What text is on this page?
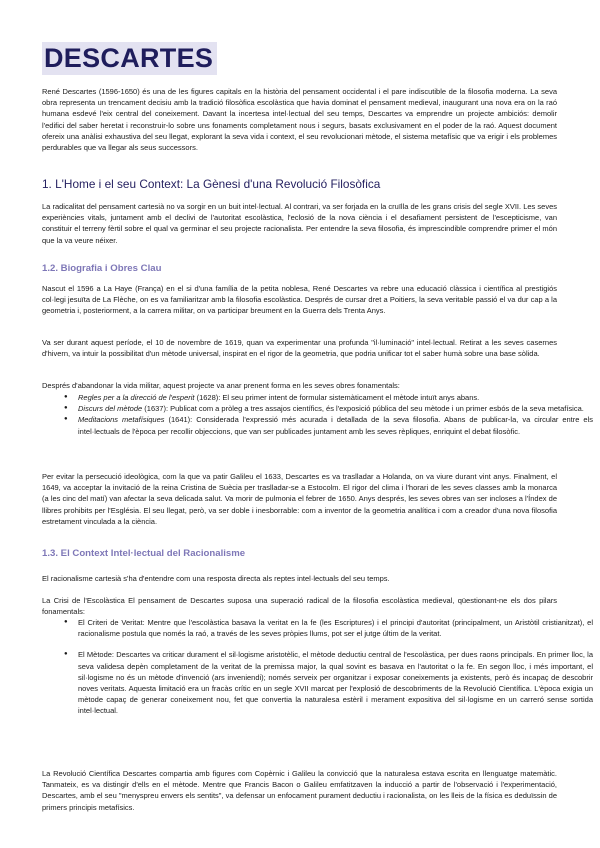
DESCARTES

René Descartes (1596-1650) és una de les figures capitals en la història del pensament occidental i el pare indiscutible de la filosofia moderna. La seva obra representa un trencament decisiu amb la tradició filosòfica escolàstica que havia dominat el pensament medieval, inaugurant una nova era on la raó humana esdevé l'eix central del coneixement. Davant la incertesa intel·lectual del seu temps, Descartes va emprendre un projecte ambiciós: demolir l'edifici del saber heretat i reconstruir-lo sobre uns fonaments completament nous i segurs, basats exclusivament en el poder de la raó. Aquest document ofereix una anàlisi exhaustiva del seu llegat, explorant la seva vida i context, el seu revolucionari mètode, el sistema metafísic que va erigir i els problemes perdurables que va llegar als seus successors.

1. L'Home i el seu Context: La Gènesi d'una Revolució Filosòfica

La radicalitat del pensament cartesià no va sorgir en un buit intel·lectual. Al contrari, va ser forjada en la cruïlla de les grans crisis del segle XVII. Les seves experiències vitals, juntament amb el declivi de l'autoritat escolàstica, l'eclosió de la nova ciència i el desafiament persistent de l'escepticisme, van constituir el terreny fèrtil sobre el qual va germinar el seu projecte racionalista. Per entendre la seva filosofia, és imprescindible comprendre primer el món que la va veure néixer.

1.2. Biografia i Obres Clau

Nascut el 1596 a La Haye (França) en el si d'una família de la petita noblesa, René Descartes va rebre una educació clàssica i científica al prestigiós col·legi jesuïta de La Flèche, on es va familiaritzar amb la filosofia escolàstica. Després de cursar dret a Poitiers, la seva veritable passió el va dur cap a la geometria i, posteriorment, a la carrera militar, on va participar breument en la Guerra dels Trenta Anys.

Va ser durant aquest període, el 10 de novembre de 1619, quan va experimentar una profunda "il·luminació" intel·lectual. Retirat a les seves casernes d'hivern, va intuir la possibilitat d'un mètode universal, inspirat en el rigor de la geometria, que podria unificar tot el saber humà sobre una base sòlida.

Després d'abandonar la vida militar, aquest projecte va anar prenent forma en les seves obres fonamentals:

● Regles per a la direcció de l'esperit (1628): El seu primer intent de formular sistemàticament el mètode intuït anys abans.
● Discurs del mètode (1637): Publicat com a pròleg a tres assajos científics, és l'exposició pública del seu mètode i un primer esbós de la seva metafísica.
● Meditacions metafísiques (1641): Considerada l'expressió més acurada i detallada de la seva filosofia. Abans de publicar-la, va circular entre els intel·lectuals de l'època per recollir objeccions, que van ser publicades juntament amb les seves rèpliques, enriquint el debat filosòfic.

Per evitar la persecució ideològica, com la que va patir Galileu el 1633, Descartes es va traslladar a Holanda, on va viure durant vint anys. Finalment, el 1649, va acceptar la invitació de la reina Cristina de Suècia per traslladar-se a Estocolm. El rigor del clima i l'horari de les seves classes amb la monarca (a les cinc del matí) van afectar la seva delicada salut. Va morir de pulmonia el febrer de 1650. Anys després, les seves obres van ser incloses a l'Índex de llibres prohibits per l'Església. El seu llegat, però, va ser doble i inesborrable: com a inventor de la geometria analítica i com a creador d'una nova filosofia estretament vinculada a la ciència.

1.3. El Context Intel·lectual del Racionalisme

El racionalisme cartesià s'ha d'entendre com una resposta directa als reptes intel·lectuals del seu temps.

La Crisi de l'Escolàstica El pensament de Descartes suposa una superació radical de la filosofia escolàstica medieval, qüestionant-ne els dos pilars fonamentals:

● El Criteri de Veritat: Mentre que l'escolàstica basava la veritat en la fe (les Escriptures) i el principi d'autoritat (principalment, un Aristòtil cristianitzat), el racionalisme postula que només la raó, a través de les seves pròpies llums, pot ser el jutge últim de la veritat.
● El Mètode: Descartes va criticar durament el sil·logisme aristotèlic, el mètode deductiu central de l'escolàstica, per dues raons principals. En primer lloc, la seva validesa depèn completament de la veritat de la premissa major, la qual sovint es basava en l'autoritat o la fe. En segon lloc, i més important, el sil·logisme no és un mètode d'invenció (ars inveniendi); només serveix per organitzar i exposar coneixements ja existents, però és incapaç de descobrir noves veritats. Aquesta limitació era un fracàs crític en un segle XVII marcat per l'explosió de descobriments de la Revolució Científica. L'època exigia un mètode capaç de generar coneixement nou, fet que convertia la naturalesa estèril i merament expositiva del sil·logisme en un carreró sense sortida intel·lectual.

La Revolució Científica Descartes compartia amb figures com Copèrnic i Galileu la convicció que la naturalesa estava escrita en llenguatge matemàtic. Tanmateix, es va distingir d'ells en el mètode. Mentre que Francis Bacon o Galileu emfatitzaven la inducció a partir de l'observació i l'experimentació, Descartes, amb el seu "menyspreu envers els sentits", va defensar un enfocament purament deductiu i racionalista, on les lleis de la física es deduïssin de primers principis metafísics.
